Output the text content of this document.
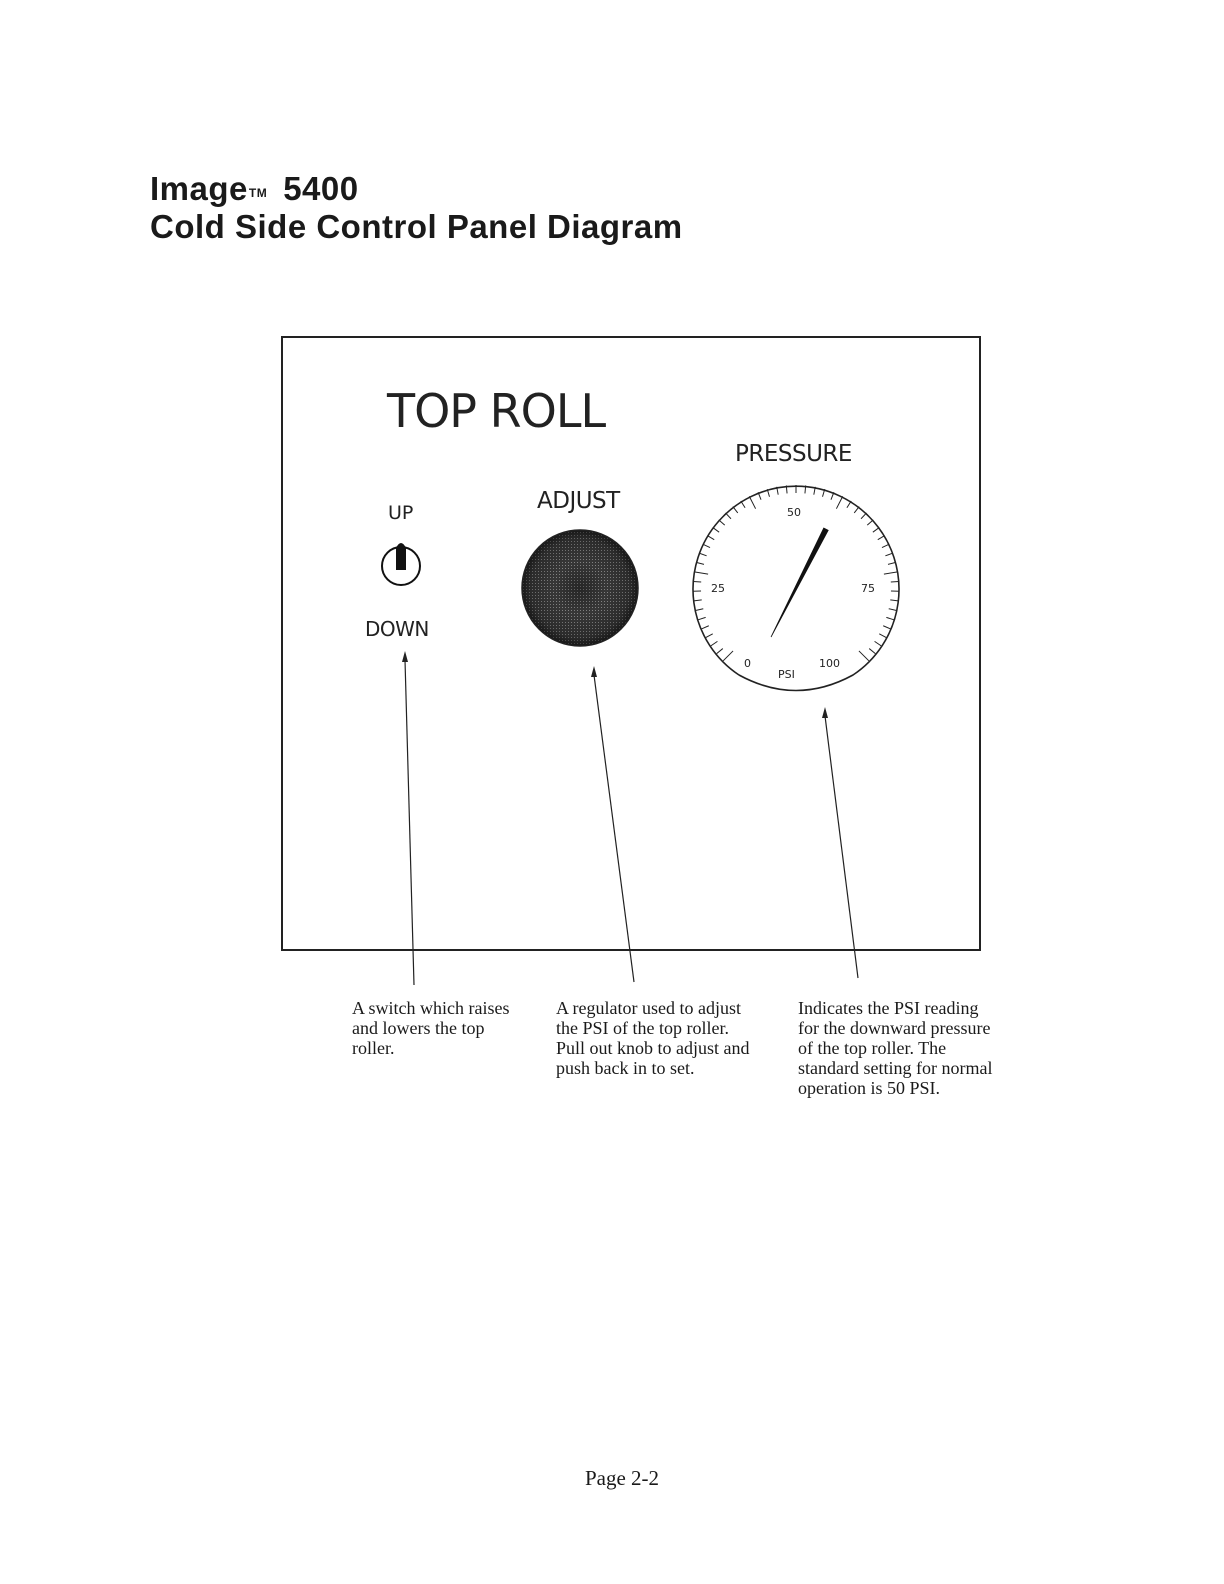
Image™ 5400
Cold Side Control Panel Diagram
TOP ROLL
PRESSURE
ADJUST
UP
DOWN
25
50
75
0	100
PSI
A switch which raises and lowers the top roller.
A regulator used to adjust the PSI of the top roller. Pull out knob to adjust and push back in to set.
Indicates the PSI reading for the downward pressure of the top roller. The standard setting for normal operation is 50 PSI.
Page 2-2
